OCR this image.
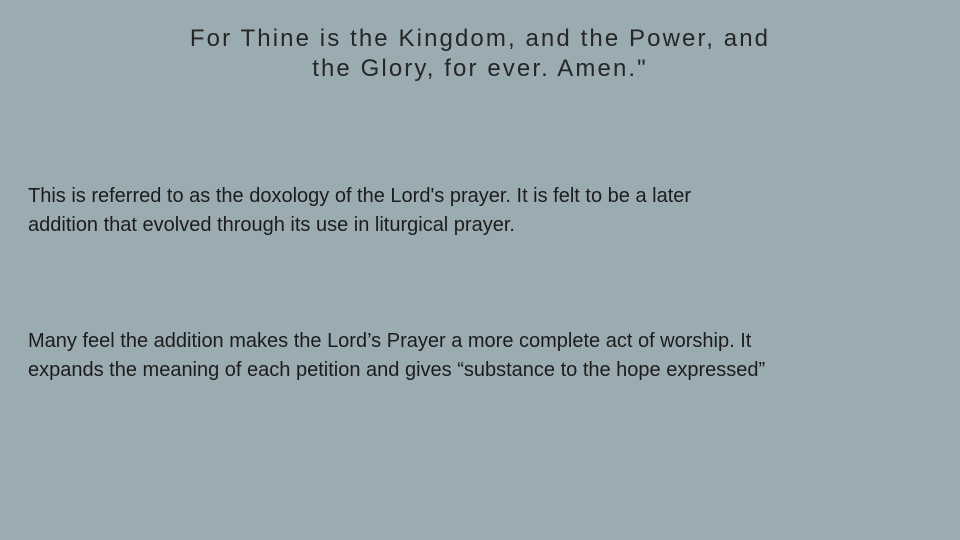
For Thine is the Kingdom, and the Power, and
the Glory, for ever. Amen."

This is referred to as the doxology of the Lord's prayer. It is felt to be a later
addition that evolved through its use in liturgical prayer.

Many feel the addition makes the Lord’s Prayer a more complete act of worship. It
expands the meaning of each petition and gives “substance to the hope expressed”
